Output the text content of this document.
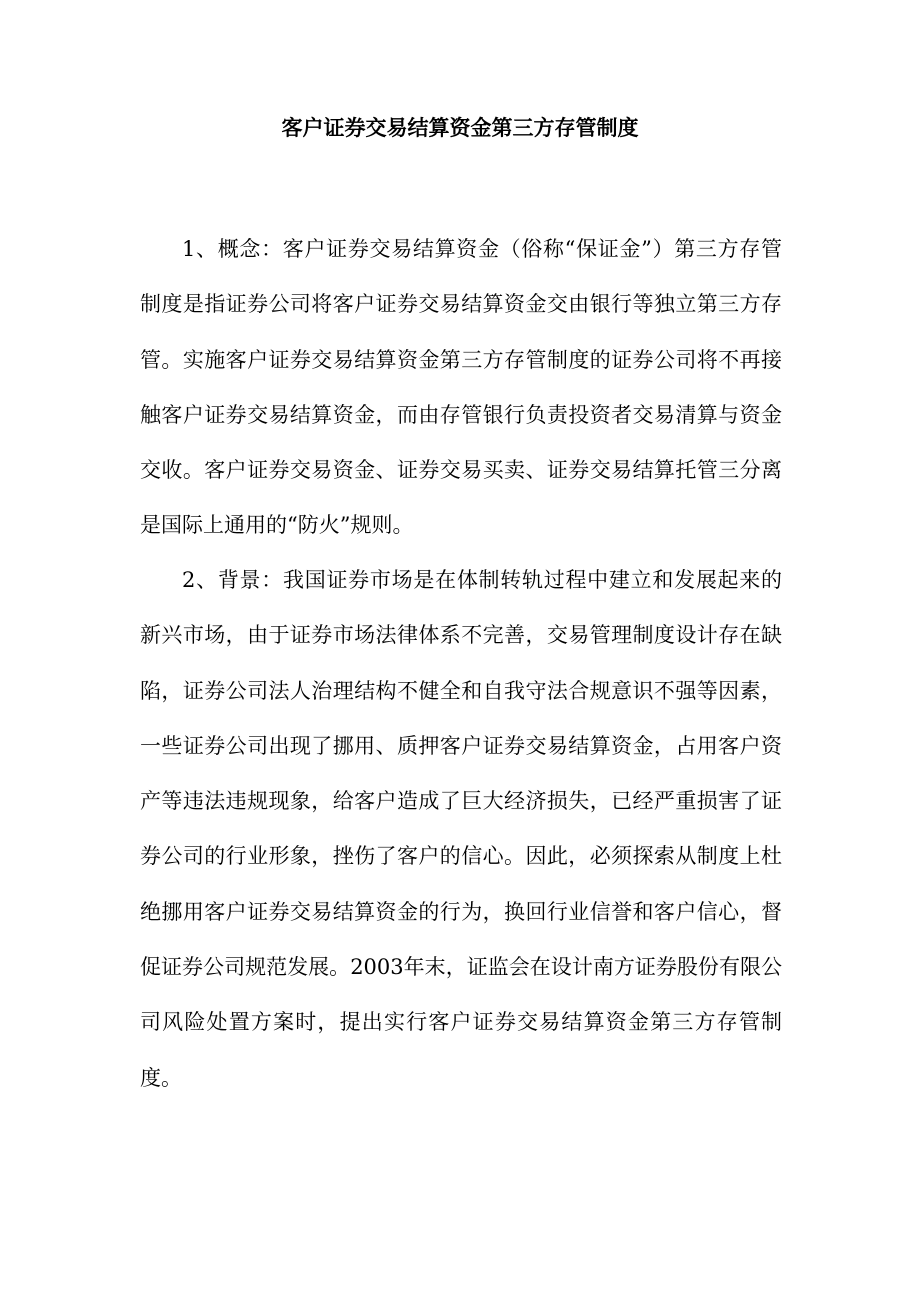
客户证券交易结算资金第三方存管制度

1、概念：客户证券交易结算资金（俗称“保证金”）第三方存管制度是指证券公司将客户证券交易结算资金交由银行等独立第三方存管。实施客户证券交易结算资金第三方存管制度的证券公司将不再接触客户证券交易结算资金，而由存管银行负责投资者交易清算与资金交收。客户证券交易资金、证券交易买卖、证券交易结算托管三分离是国际上通用的“防火”规则。

2、背景：我国证券市场是在体制转轨过程中建立和发展起来的新兴市场，由于证券市场法律体系不完善，交易管理制度设计存在缺陷，证券公司法人治理结构不健全和自我守法合规意识不强等因素，一些证券公司出现了挪用、质押客户证券交易结算资金，占用客户资产等违法违规现象，给客户造成了巨大经济损失，已经严重损害了证券公司的行业形象，挫伤了客户的信心。因此，必须探索从制度上杜绝挪用客户证券交易结算资金的行为，换回行业信誉和客户信心，督促证券公司规范发展。2003年末，证监会在设计南方证券股份有限公司风险处置方案时，提出实行客户证券交易结算资金第三方存管制度。
